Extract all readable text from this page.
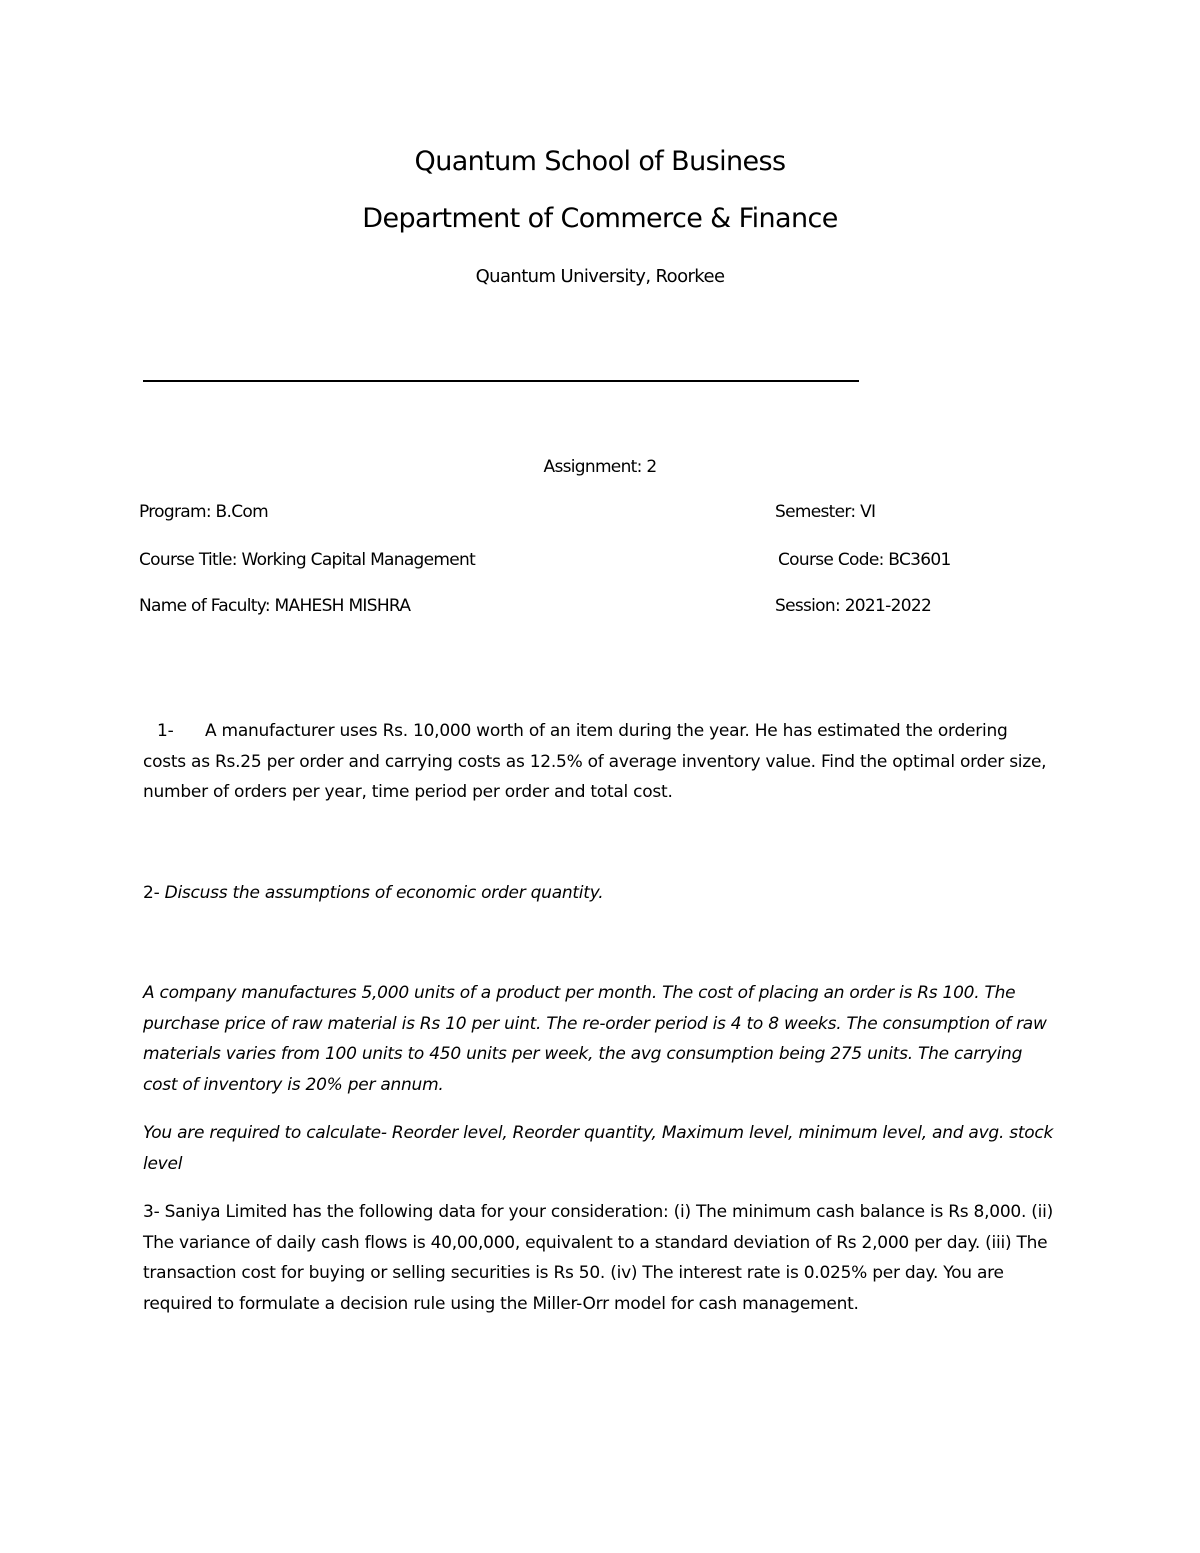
Quantum School of Business
Department of Commerce & Finance
Quantum University, Roorkee
Assignment: 2
Program: B.Com	Semester: VI
Course Title: Working Capital Management	Course Code: BC3601
Name of Faculty: MAHESH MISHRA	Session: 2021-2022
1- A manufacturer uses Rs. 10,000 worth of an item during the year. He has estimated the ordering costs as Rs.25 per order and carrying costs as 12.5% of average inventory value. Find the optimal order size, number of orders per year, time period per order and total cost.
2- Discuss the assumptions of economic order quantity.
A company manufactures 5,000 units of a product per month. The cost of placing an order is Rs 100. The purchase price of raw material is Rs 10 per uint. The re-order period is 4 to 8 weeks. The consumption of raw materials varies from 100 units to 450 units per week, the avg consumption being 275 units. The carrying cost of inventory is 20% per annum.
You are required to calculate- Reorder level, Reorder quantity, Maximum level, minimum level, and avg. stock level
3- Saniya Limited has the following data for your consideration: (i) The minimum cash balance is Rs 8,000. (ii) The variance of daily cash flows is 40,00,000, equivalent to a standard deviation of Rs 2,000 per day. (iii) The transaction cost for buying or selling securities is Rs 50. (iv) The interest rate is 0.025% per day. You are required to formulate a decision rule using the Miller-Orr model for cash management.
